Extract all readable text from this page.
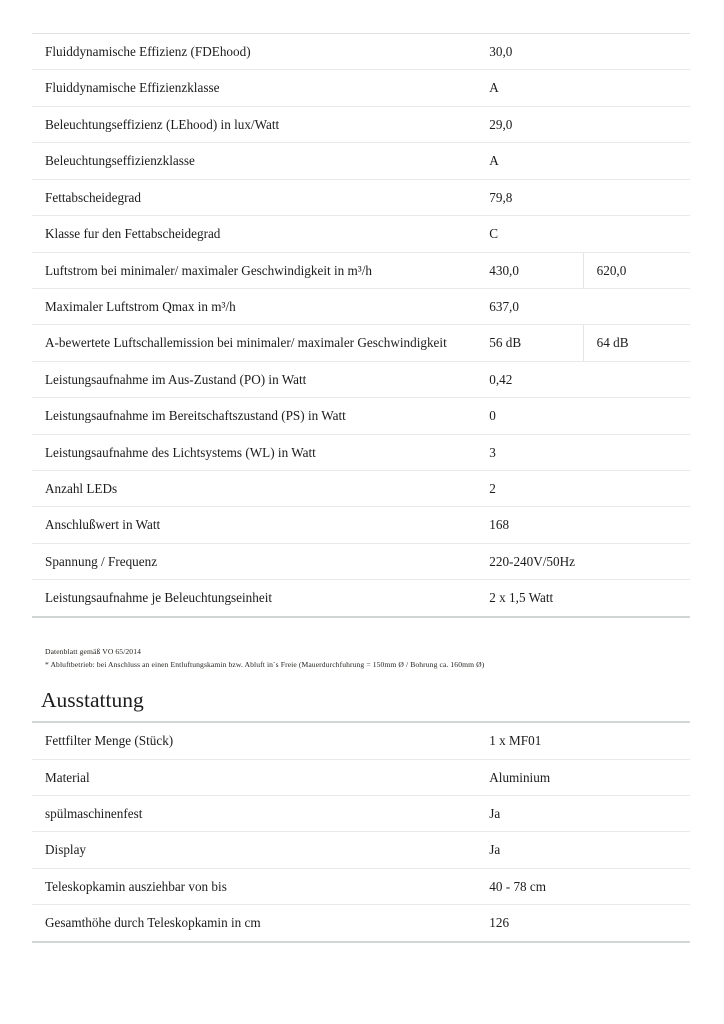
Fluiddynamische Effizienz (FDEhood)	30,0	
Fluiddynamische Effizienzklasse	A	
Beleuchtungseffizienz (LEhood) in lux/Watt	29,0	
Beleuchtungseffizienzklasse	A	
Fettabscheidegrad	79,8	
Klasse fur den Fettabscheidegrad	C	
Luftstrom bei minimaler/ maximaler Geschwindigkeit in m³/h	430,0	620,0
Maximaler Luftstrom Qmax in m³/h	637,0	
A-bewertete Luftschallemission bei minimaler/ maximaler Geschwindigkeit	56 dB	64 dB
Leistungsaufnahme im Aus-Zustand (PO) in Watt	0,42	
Leistungsaufnahme im Bereitschaftszustand (PS) in Watt	0	
Leistungsaufnahme des Lichtsystems (WL) in Watt	3	
Anzahl LEDs	2	
Anschlußwert in Watt	168	
Spannung / Frequenz	220-240V/50Hz	
Leistungsaufnahme je Beleuchtungseinheit	2 x 1,5 Watt	
Datenblatt gemäß VO 65/2014
* Abluftbetrieb: bei Anschluss an einen Entluftungskamin bzw. Abluft in´s Freie (Mauerdurchfuhrung = 150mm Ø / Bohrung ca. 160mm Ø)
Ausstattung
Fettfilter Menge (Stück)	1 x MF01
Material	Aluminium
spülmaschinenfest	Ja
Display	Ja
Teleskopkamin ausziehbar von bis	40 - 78 cm
Gesamthöhe durch Teleskopkamin in cm	126
